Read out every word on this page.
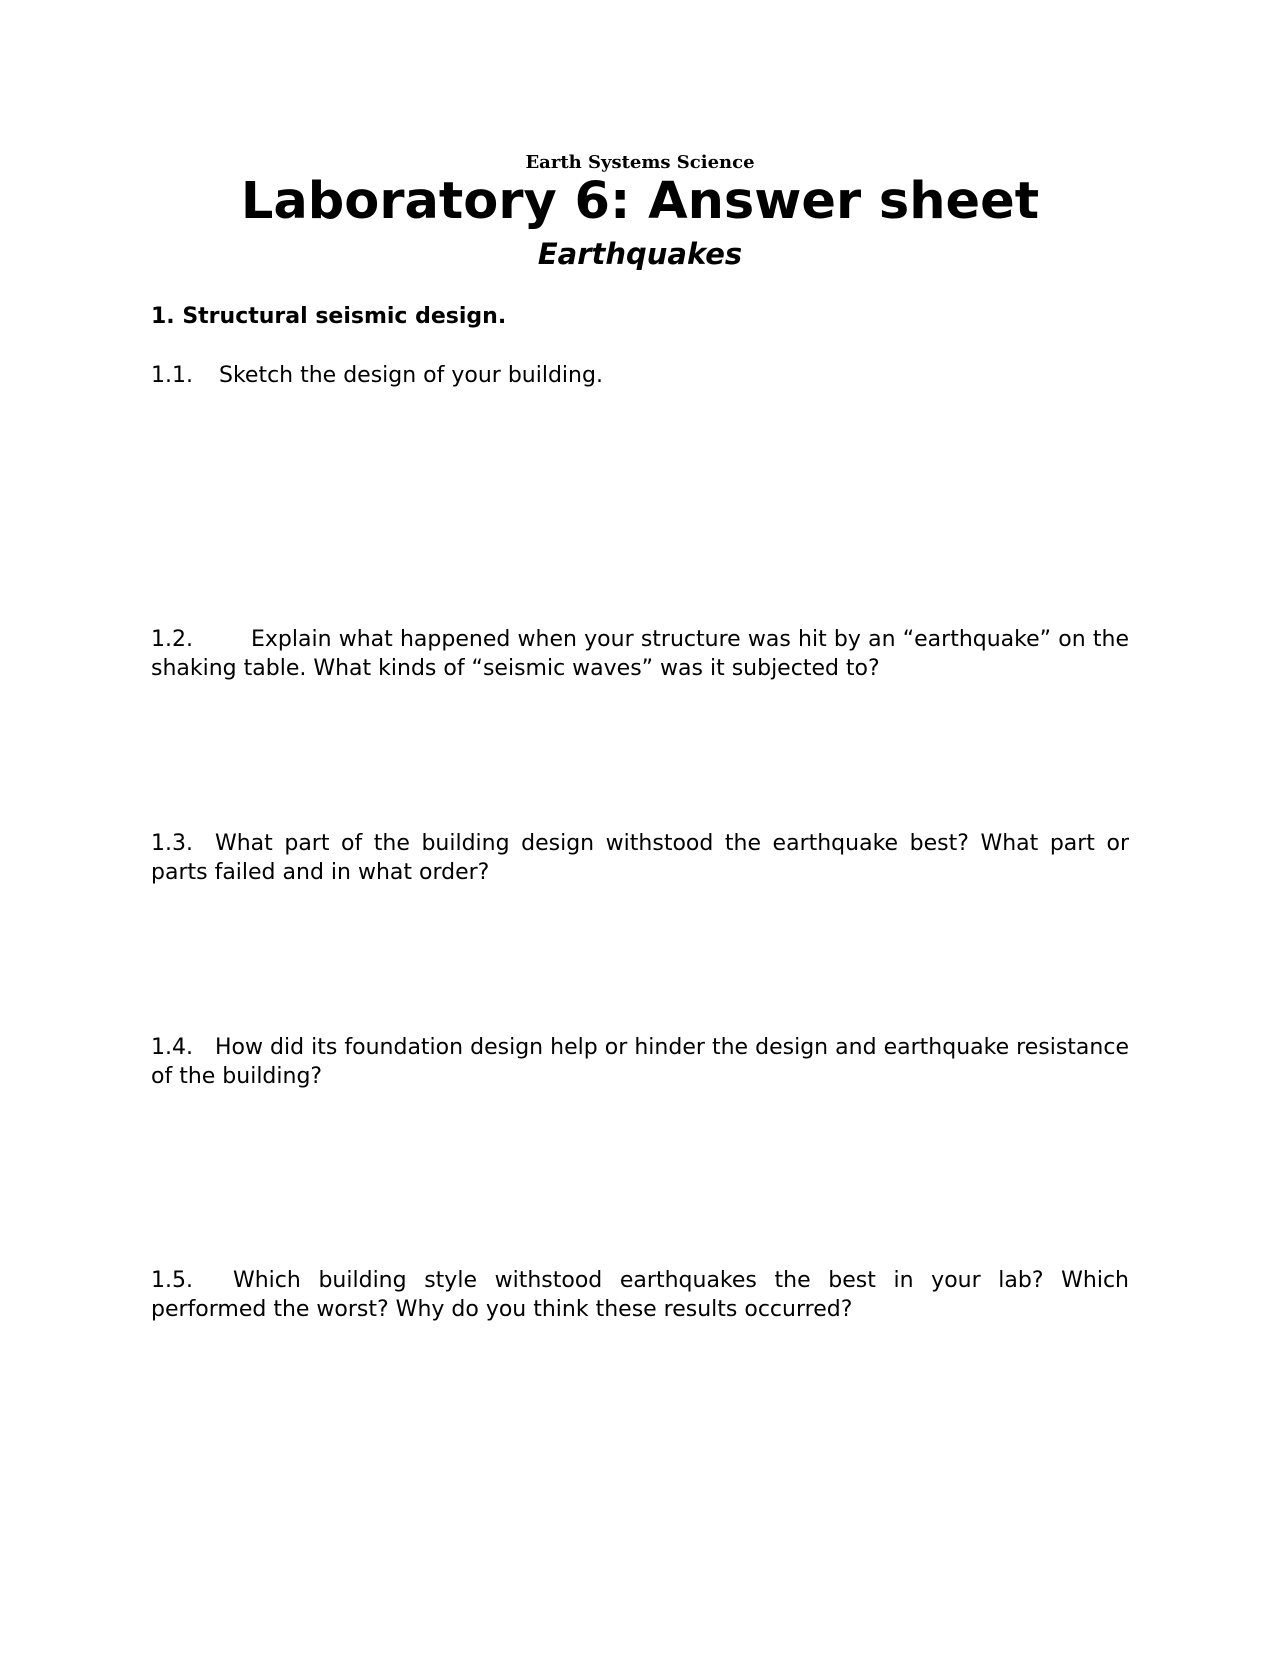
Earth Systems Science
Laboratory 6: Answer sheet
Earthquakes
1. Structural seismic design.
1.1. Sketch the design of your building.
1.2.	Explain what happened when your structure was hit by an “earthquake” on the shaking table. What kinds of “seismic waves” was it subjected to?
1.3. What part of the building design withstood the earthquake best? What part or parts failed and in what order?
1.4. How did its foundation design help or hinder the design and earthquake resistance of the building?
1.5. Which building style withstood earthquakes the best in your lab? Which performed the worst? Why do you think these results occurred?
